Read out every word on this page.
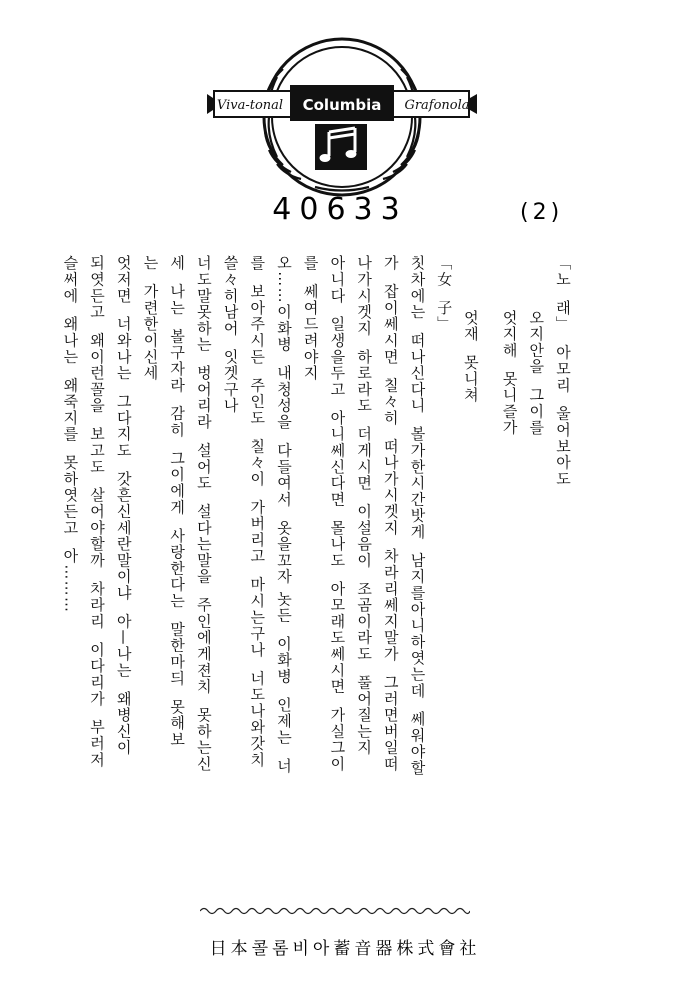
Columbia
Viva-tonal	Grafonola
40633	(2)
「노  래」  아모리  울어보아도
오지안을  그이를
엇지해  못니즐가
엇재  못니쳐
「女  子」
칫차에는  떠나신다니  볼가한시간밧게  남지를아니하엿는데  쎄워야할
가  잡이쎄시면  칠々히  떠나가시겟지  차라리쎄지말가  그러면버일떠
나가시겟지  하로라도  더게시면  이설음이  조곰이라도  풀어질는지
아니다  일생을두고  아니쎄신다면  몰나도  아모래도쎄시면  가실그이
를  쎄여드려야지
오……이화병  내청성을  다들여서  옷을꼬자 놋든  이화병  인제는  너
를  보아주시든  주인도  칠々이  가버리고  마시는구나  너도나와갓치
쓸々히남어  잇겟구나
너도말못하는  벙어리라  설어도  설다는말을  주인에게젼치  못하는신
세  나는  볼구자라  감히  그이에게  사랑한다는  말한마듸  못해보
는  가련한이신세
엇저면  너와나는  그다지도  갓흔신세란말이냐  아—나는  왜병신이
되엿든고  왜이런꼴을  보고도  살어야할까  차라리  이다리가  부러저
슬써에  왜나는  왜죽지를  못하엿든고  아………
日本콜롬비아蓄音器株式會社
